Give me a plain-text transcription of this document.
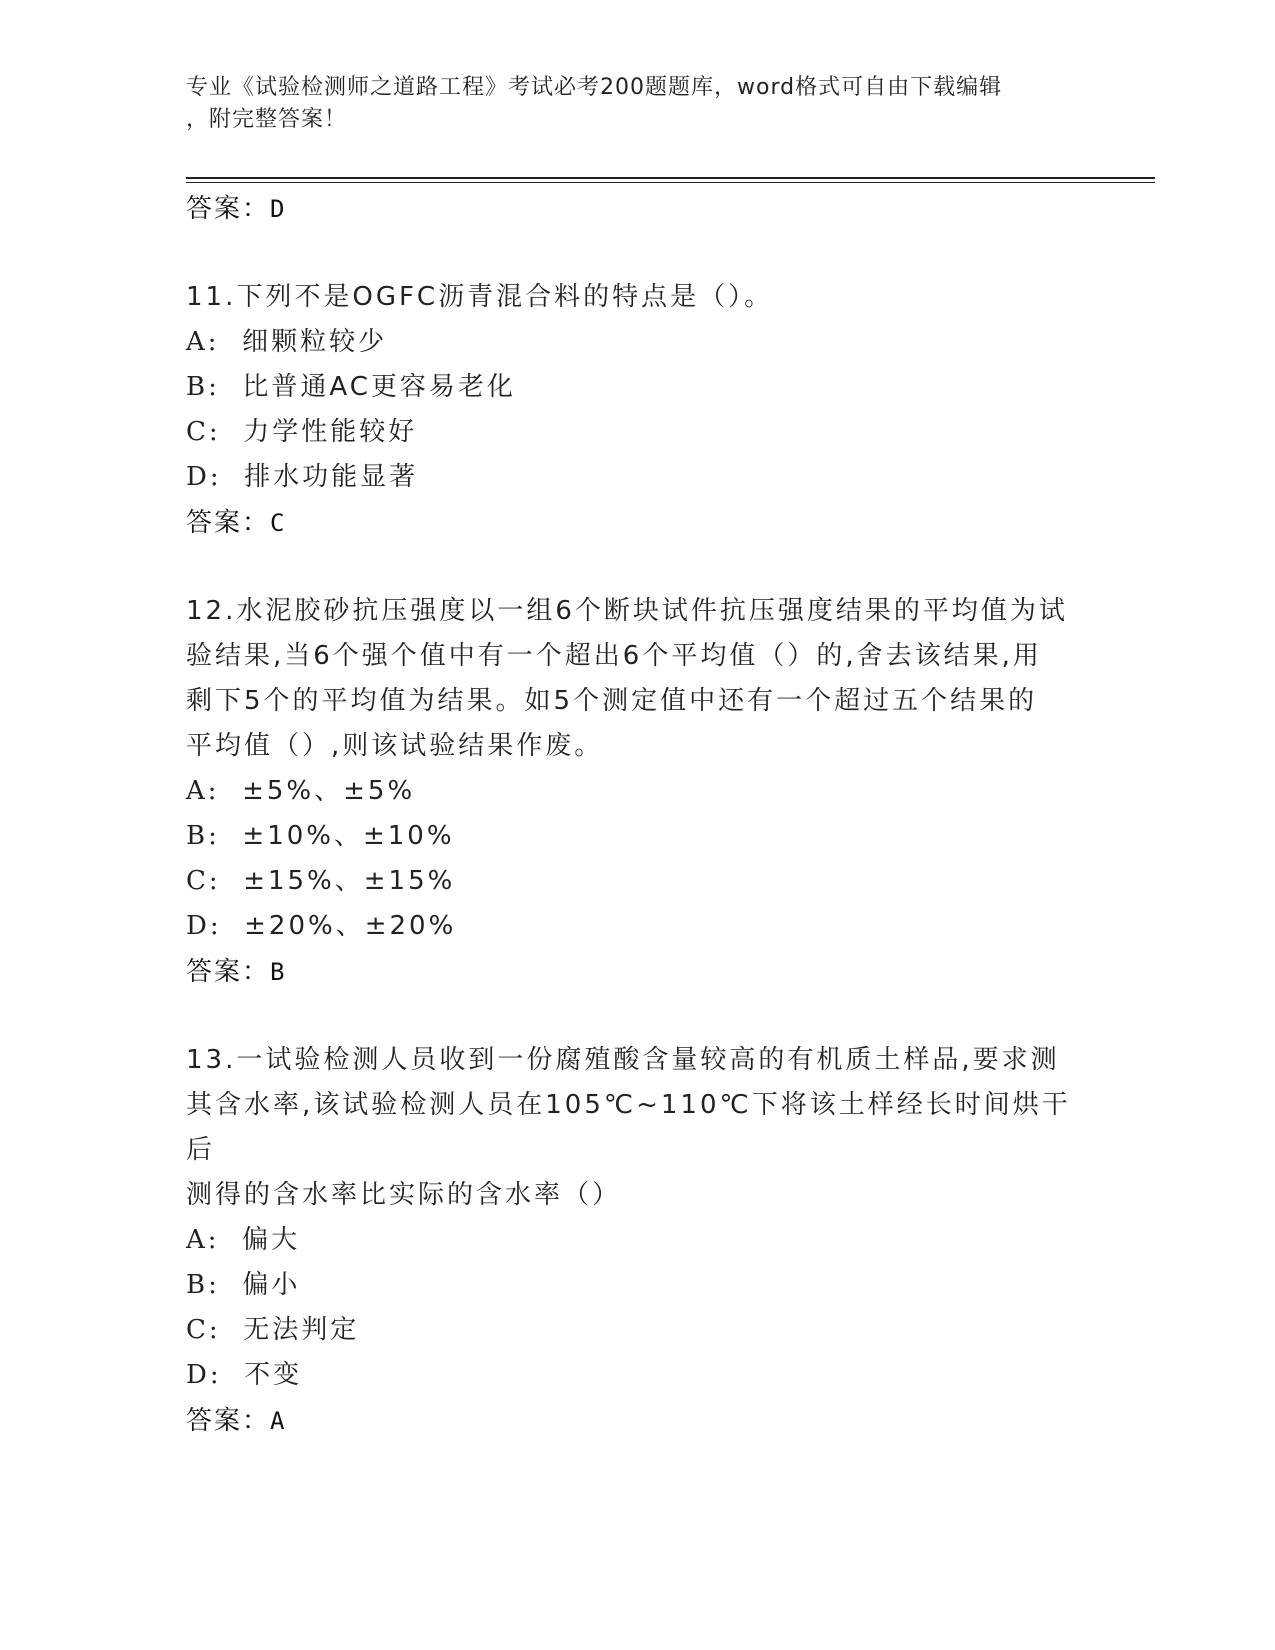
专业《试验检测师之道路工程》考试必考200题题库，word格式可自由下载编辑
，附完整答案！

答案：D

11.下列不是OGFC沥青混合料的特点是（）。

A: 细颗粒较少

B: 比普通AC更容易老化

C: 力学性能较好

D: 排水功能显著

答案：C

12.水泥胶砂抗压强度以一组6个断块试件抗压强度结果的平均值为试

验结果,当6个强个值中有一个超出6个平均值（）的,舍去该结果,用

剩下5个的平均值为结果。如5个测定值中还有一个超过五个结果的

平均值（）,则该试验结果作废。

A: ±5%、±5%

B: ±10%、±10%

C: ±15%、±15%

D: ±20%、±20%

答案：B

13.一试验检测人员收到一份腐殖酸含量较高的有机质土样品,要求测

其含水率,该试验检测人员在105℃~110℃下将该土样经长时间烘干后

测得的含水率比实际的含水率（）

A: 偏大

B: 偏小

C: 无法判定

D: 不变

答案：A
